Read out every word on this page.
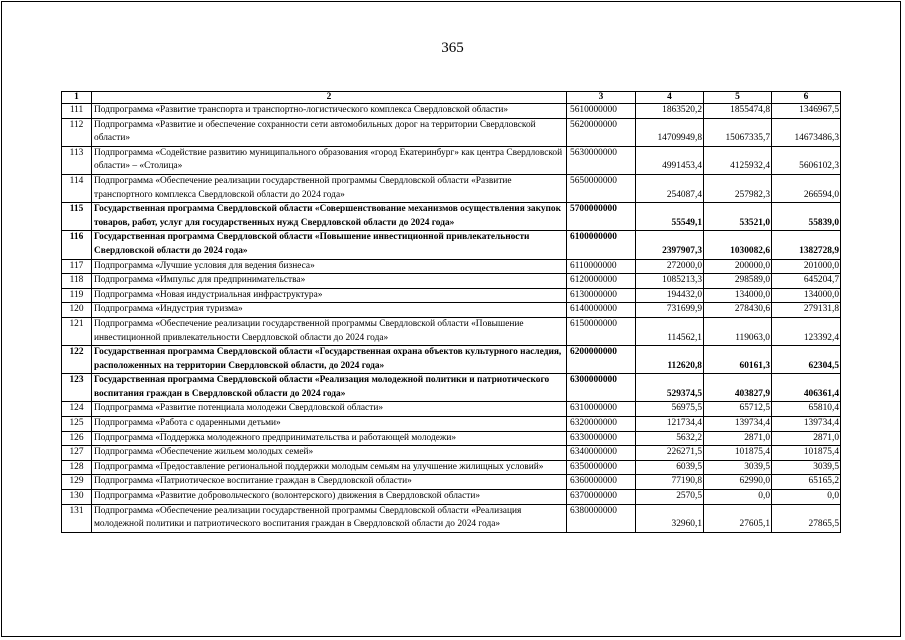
365
1	2	3	4	5	6
111	Подпрограмма «Развитие транспорта и транспортно-логистического комплекса Свердловской области»	5610000000	1863520,2	1855474,8	1346967,5
112	Подпрограмма «Развитие и обеспечение сохранности сети автомобильных дорог на территории Свердловской области»	5620000000	14709949,8	15067335,7	14673486,3
113	Подпрограмма «Содействие развитию муниципального образования «город Екатеринбург» как центра Свердловской области» – «Столица»	5630000000	4991453,4	4125932,4	5606102,3
114	Подпрограмма «Обеспечение реализации государственной программы Свердловской области «Развитие транспортного комплекса Свердловской области до 2024 года»	5650000000	254087,4	257982,3	266594,0
115	Государственная программа Свердловской области «Совершенствование механизмов осуществления закупок товаров, работ, услуг для государственных нужд Свердловской области до 2024 года»	5700000000	55549,1	53521,0	55839,0
116	Государственная программа Свердловской области «Повышение инвестиционной привлекательности Свердловской области до 2024 года»	6100000000	2397907,3	1030082,6	1382728,9
117	Подпрограмма «Лучшие условия для ведения бизнеса»	6110000000	272000,0	200000,0	201000,0
118	Подпрограмма «Импульс для предпринимательства»	6120000000	1085213,3	298589,0	645204,7
119	Подпрограмма «Новая индустриальная инфраструктура»	6130000000	194432,0	134000,0	134000,0
120	Подпрограмма «Индустрия туризма»	6140000000	731699,9	278430,6	279131,8
121	Подпрограмма «Обеспечение реализации государственной программы Свердловской области «Повышение инвестиционной привлекательности Свердловской области до 2024 года»	6150000000	114562,1	119063,0	123392,4
122	Государственная программа Свердловской области «Государственная охрана объектов культурного наследия, расположенных на территории Свердловской области, до 2024 года»	6200000000	112620,8	60161,3	62304,5
123	Государственная программа Свердловской области «Реализация молодежной политики и патриотического воспитания граждан в Свердловской области до 2024 года»	6300000000	529374,5	403827,9	406361,4
124	Подпрограмма «Развитие потенциала молодежи Свердловской области»	6310000000	56975,5	65712,5	65810,4
125	Подпрограмма «Работа с одаренными детьми»	6320000000	121734,4	139734,4	139734,4
126	Подпрограмма «Поддержка молодежного предпринимательства и работающей молодежи»	6330000000	5632,2	2871,0	2871,0
127	Подпрограмма «Обеспечение жильем молодых семей»	6340000000	226271,5	101875,4	101875,4
128	Подпрограмма «Предоставление региональной поддержки молодым семьям на улучшение жилищных условий»	6350000000	6039,5	3039,5	3039,5
129	Подпрограмма «Патриотическое воспитание граждан в Свердловской области»	6360000000	77190,8	62990,0	65165,2
130	Подпрограмма «Развитие добровольческого (волонтерского) движения в Свердловской области»	6370000000	2570,5	0,0	0,0
131	Подпрограмма «Обеспечение реализации государственной программы Свердловской области «Реализация молодежной политики и патриотического воспитания граждан в Свердловской области до 2024 года»	6380000000	32960,1	27605,1	27865,5
